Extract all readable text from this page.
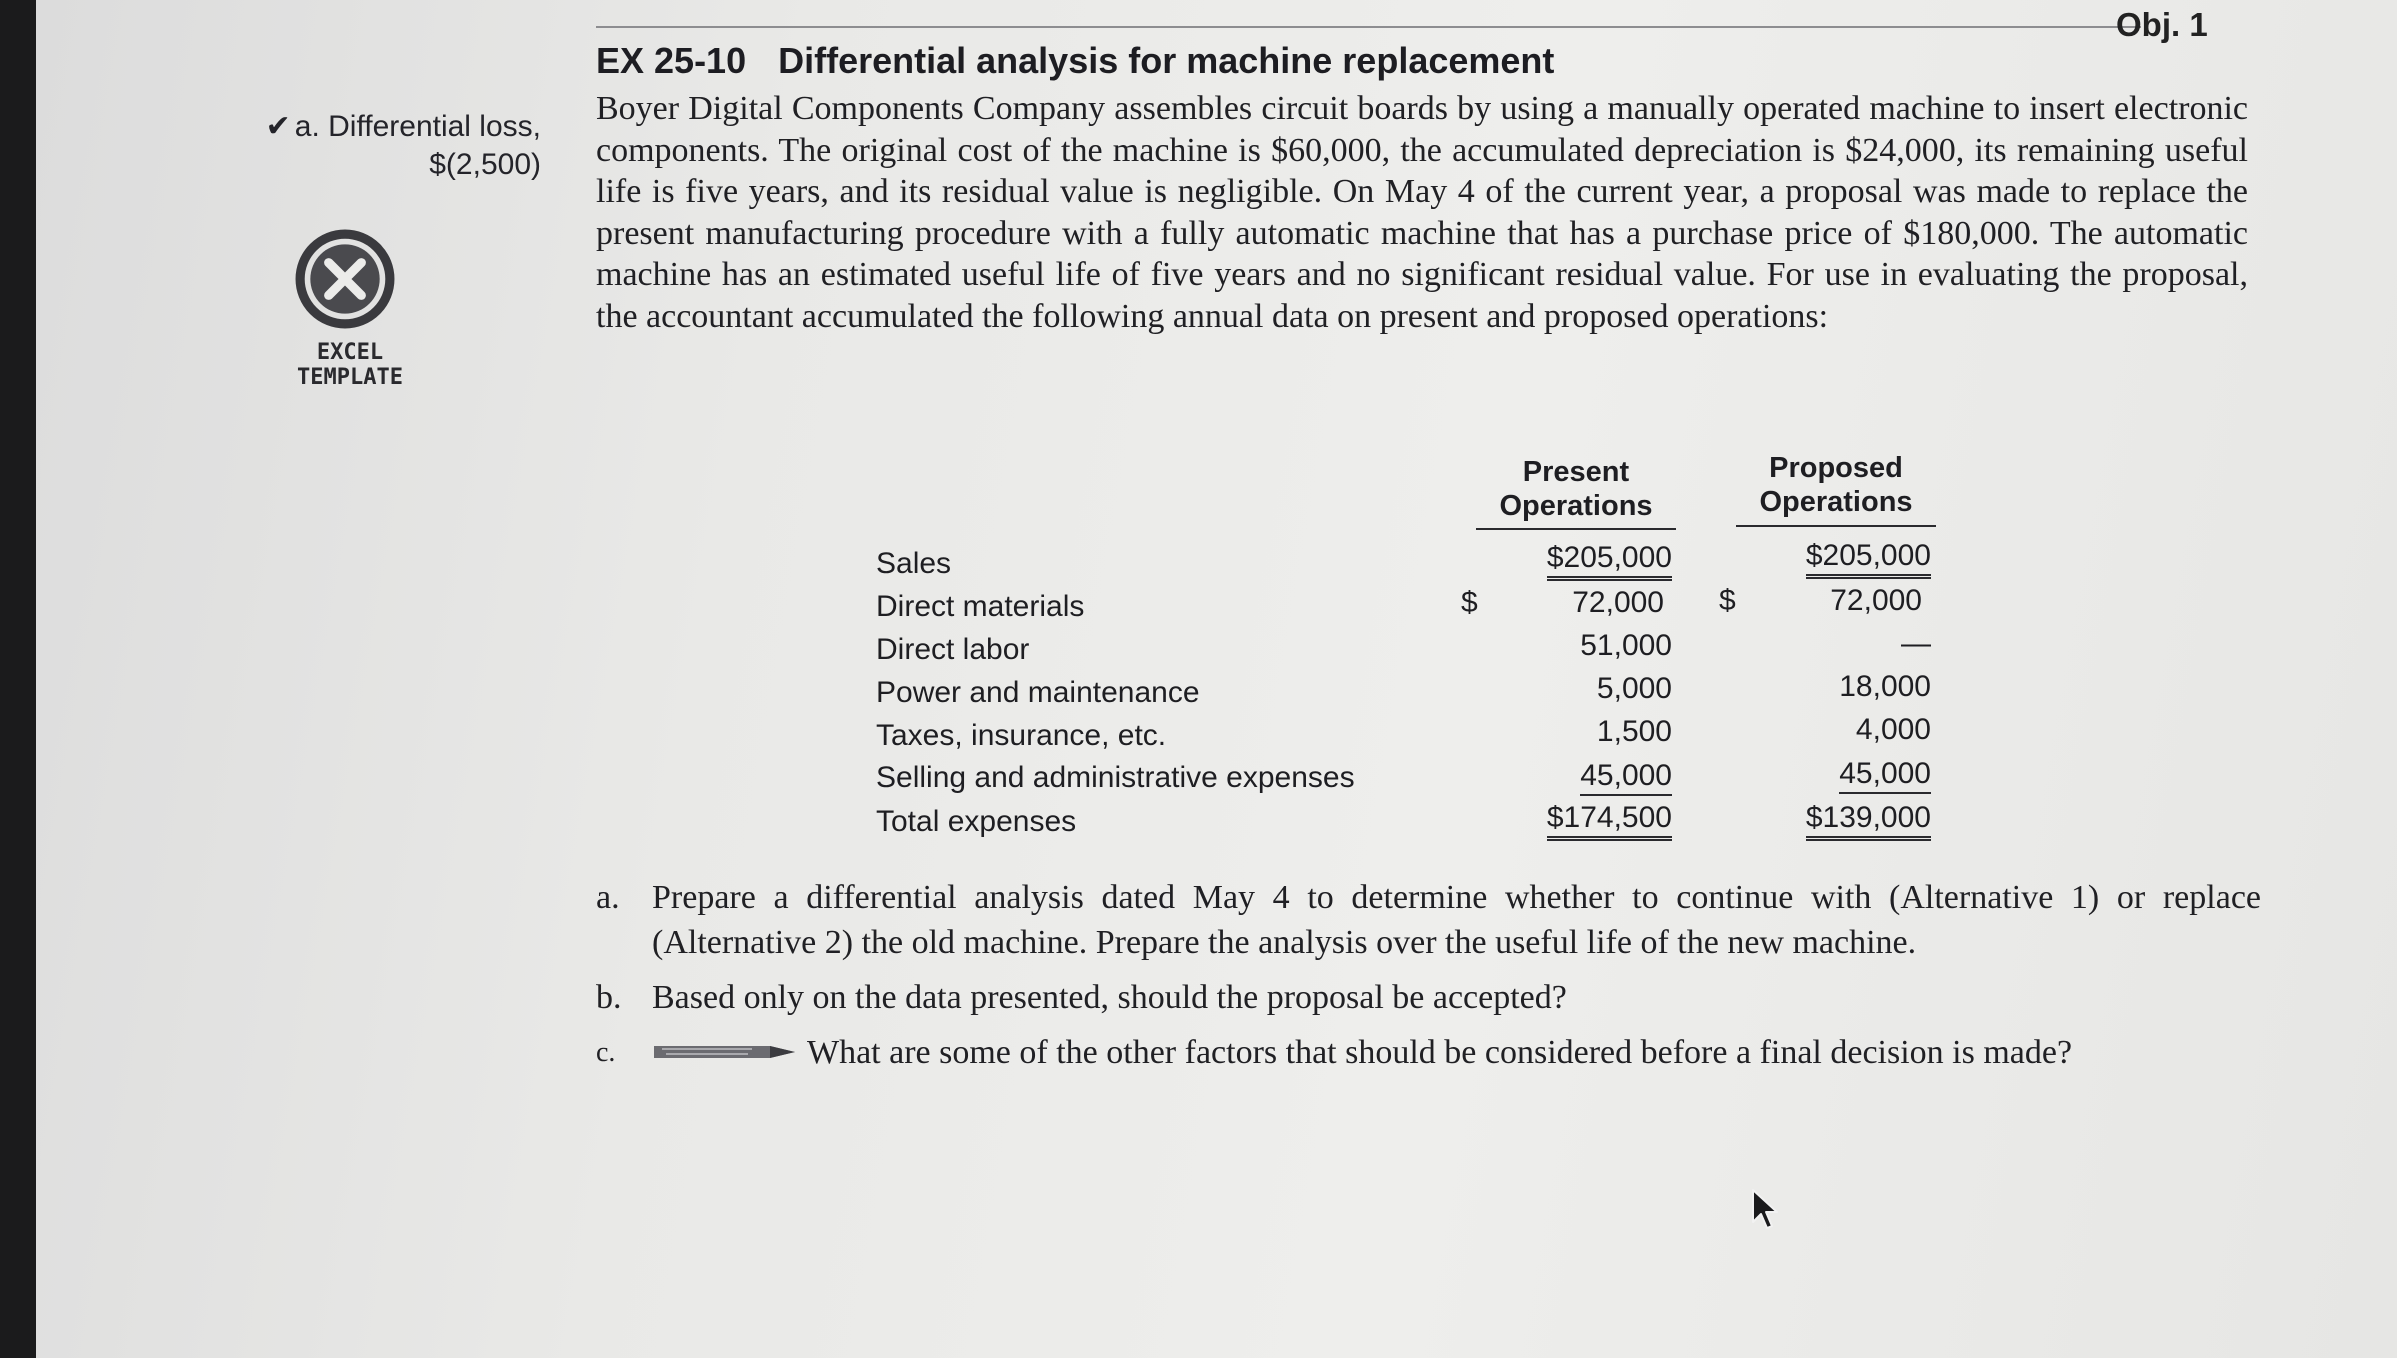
✔ a. Differential loss,
$(2,500)
EXCEL TEMPLATE
Obj. 1
EX 25-10 Differential analysis for machine replacement
Boyer Digital Components Company assembles circuit boards by using a manually operated machine to insert electronic components. The original cost of the machine is $60,000, the accumulated depreciation is $24,000, its remaining useful life is five years, and its residual value is negligible. On May 4 of the current year, a proposal was made to replace the present manufacturing procedure with a fully automatic machine that has a purchase price of $180,000. The automatic machine has an estimated useful life of five years and no significant residual value. For use in evaluating the proposal, the accountant accumulated the following annual data on present and proposed operations:
Present
Operations
Proposed
Operations
Sales	$205,000	$205,000
Direct materials	$	72,000 $	72,000
Direct labor	51,000	—
Power and maintenance	5,000	18,000
Taxes, insurance, etc.	1,500	4,000
Selling and administrative expenses	45,000	45,000
Total expenses	$174,500	$139,000
a. Prepare a differential analysis dated May 4 to determine whether to continue with (Alternative 1) or replace (Alternative 2) the old machine. Prepare the analysis over the useful life of the new machine.
b. Based only on the data presented, should the proposal be accepted?
c.	What are some of the other factors that should be considered before a final decision is made?
